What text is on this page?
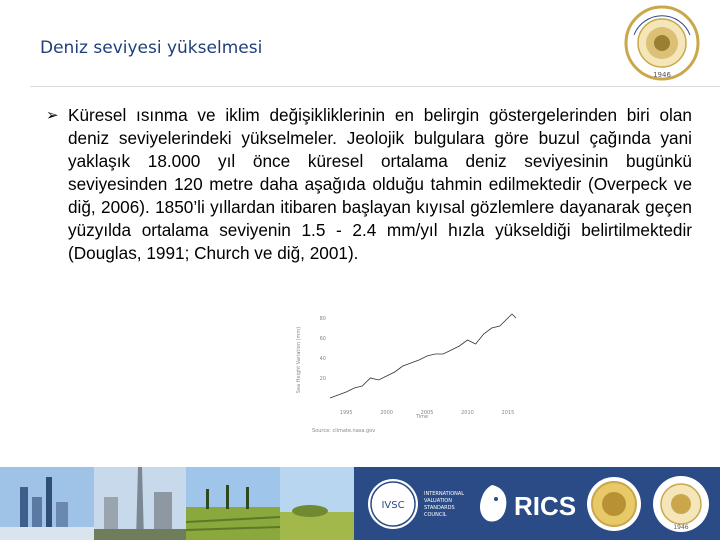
Deniz seviyesi yükselmesi
1946
➢ Küresel ısınma ve iklim değişikliklerinin en belirgin göstergelerinden biri olan deniz seviyelerindeki yükselmeler. Jeolojik bulgulara göre buzul çağında yani yaklaşık 18.000 yıl önce küresel ortalama deniz seviyesinin bugünkü seviyesinden 120 metre daha aşağıda olduğu tahmin edilmektedir (Overpeck ve diğ, 2006). 1850’li yıllardan itibaren başlayan kıyısal gözlemlere dayanarak geçen yüzyılda ortalama seviyenin 1.5 - 2.4 mm/yıl hızla yükseldiği belirtilmektedir (Douglas, 1991; Church ve diğ, 2001).
Sea Height Variation (mm)
Time
Source: climate.nasa.gov
20
40
60
80
1995	2000	2005	2010	2015
IVSC
INTERNATIONAL VALUATION STANDARDS COUNCIL	RICS
1946
